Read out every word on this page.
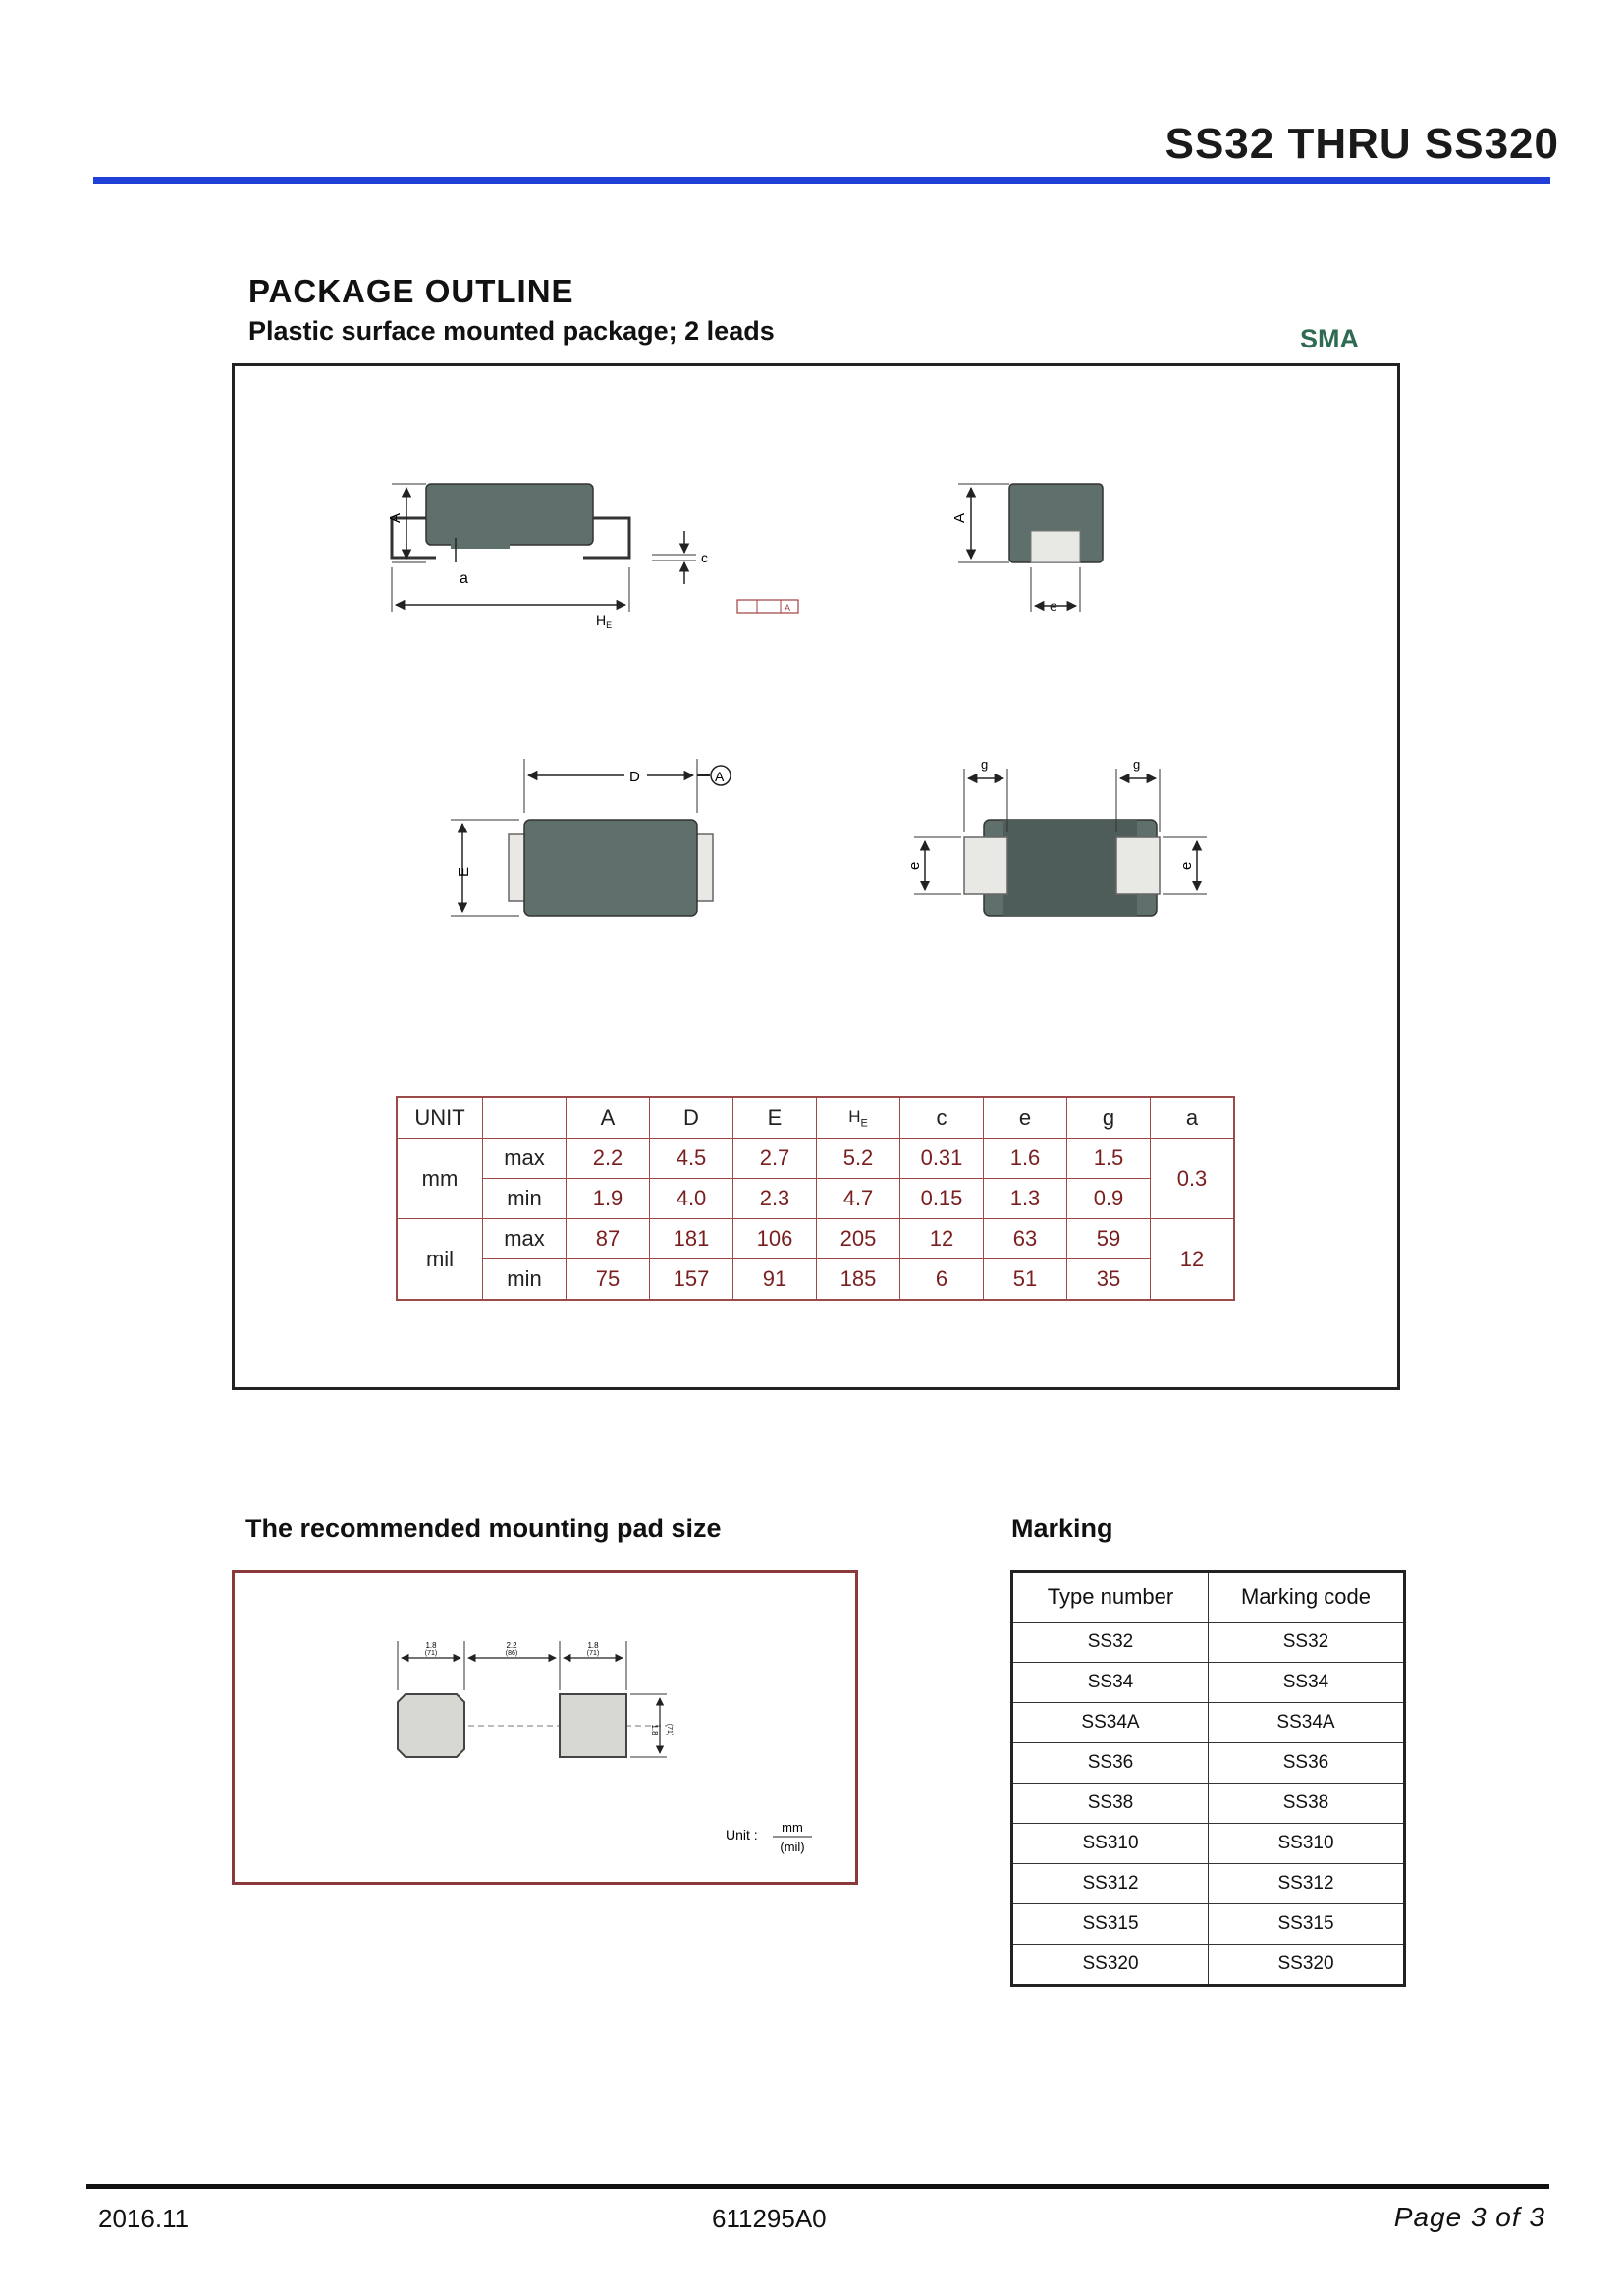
SS32 THRU SS320
PACKAGE OUTLINE
Plastic surface mounted package; 2 leads	SMA
A
a
$H_E$
c
A
A
e
D	A
E
g	g
e	e
UNIT		A	D	E	$H_E$	c	e	g	a
mm	max	2.2	4.5	2.7	5.2	0.31	1.6	1.5	0.3
	min	1.9	4.0	2.3	4.7	0.15	1.3	0.9	
mil	max	87	181	106	205	12	63	59	12
	min	75	157	91	185	6	51	35	
The recommended mounting pad size
1.8
(71)
2.2
(86)
1.8
(71)
1.8 (71)
Unit : mm
(mil)
Marking
Type number	Marking code
SS32	SS32
SS34	SS34
SS34A	SS34A
SS36	SS36
SS38	SS38
SS310	SS310
SS312	SS312
SS315	SS315
SS320	SS320
2016.11	611295A0	Page 3 of 3
